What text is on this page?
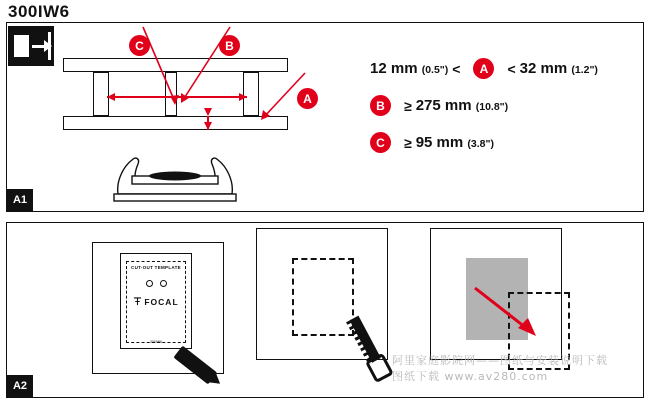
300IW6
A1
C	B
A
12 mm (0.5") <	A	< 32 mm (1.2")
B	≥ 275 mm (10.8")
C	≥ 95 mm (3.8")
A2
CUT-OUT TEMPLATE
FOCAL
300IW6
阿里家庭影院网——图纸与安装说明下载
图纸下载 www.av280.com
